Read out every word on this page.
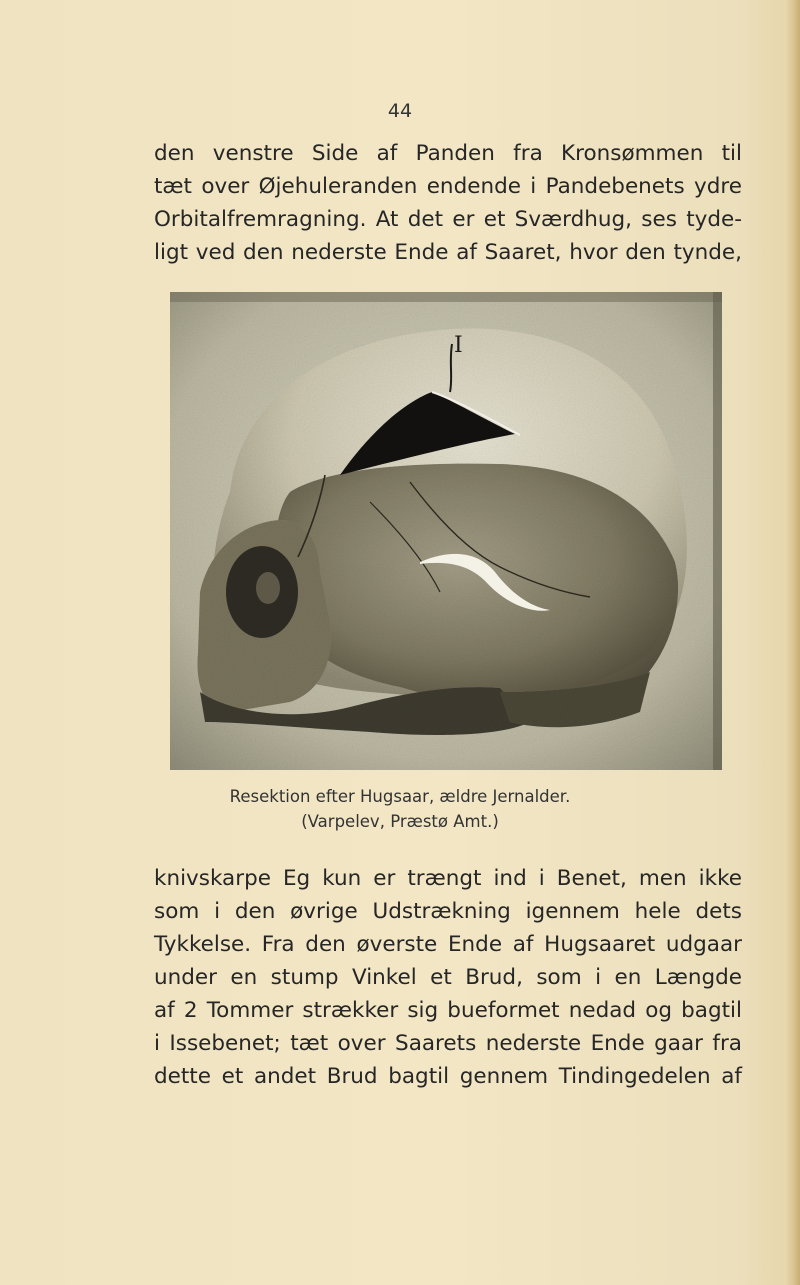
44
den venstre Side af Panden fra Kronsømmen til
tæt over Øjehuleranden endende i Pandebenets ydre
Orbitalfremragning. At det er et Sværdhug, ses tyde-
ligt ved den nederste Ende af Saaret, hvor den tynde,
I
Resektion efter Hugsaar, ældre Jernalder.
(Varpelev, Præstø Amt.)
knivskarpe Eg kun er trængt ind i Benet, men ikke
som i den øvrige Udstrækning igennem hele dets
Tykkelse. Fra den øverste Ende af Hugsaaret udgaar
under en stump Vinkel et Brud, som i en Længde
af 2 Tommer strækker sig bueformet nedad og bagtil
i Issebenet; tæt over Saarets nederste Ende gaar fra
dette et andet Brud bagtil gennem Tindingedelen af
